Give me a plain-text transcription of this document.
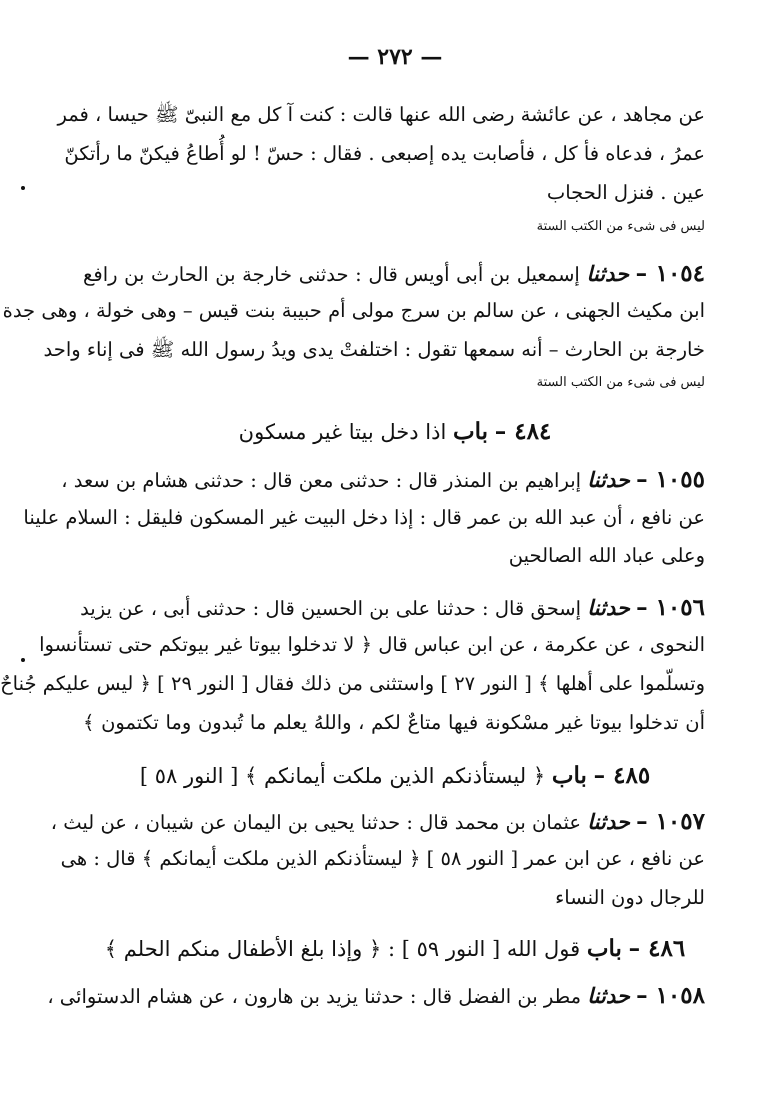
— ٢٧٢ —
عن مجاهد ، عن عائشة رضى الله عنها قالت : كنت آ كل مع النبىّ ﷺ حيسا ، فمر
عمرُ ، فدعاه فأ كل ، فأصابت يده إصبعى . فقال : حسّ ! لو أُطاعُ فيكنّ ما رأتكنّ
عين . فنزل الحجاب
ليس فى شىء من الكتب الستة
١٠٥٤ – حدثنا إسمعيل بن أبى أويس قال : حدثنى خارجة بن الحارث بن رافع
ابن مكيث الجهنى ، عن سالم بن سرج مولى أم حبيبة بنت قيس – وهى خولة ، وهى جدة
خارجة بن الحارث – أنه سمعها تقول : اختلفتْ يدى ويدُ رسول الله ﷺ فى إناء واحد
ليس فى شىء من الكتب الستة
٤٨٤ – باب اذا دخل بيتا غير مسكون
١٠٥٥ – حدثنا إبراهيم بن المنذر قال : حدثنى معن قال : حدثنى هشام بن سعد ،
عن نافع ، أن عبد الله بن عمر قال : إذا دخل البيت غير المسكون فليقل : السلام علينا
وعلى عباد الله الصالحين
١٠٥٦ – حدثنا إسحق قال : حدثنا على بن الحسين قال : حدثنى أبى ، عن يزيد
النحوى ، عن عكرمة ، عن ابن عباس قال ﴿ لا تدخلوا بيوتا غير بيوتكم حتى تستأنسوا
وتسلّموا على أهلها ﴾ [ النور ٢٧ ] واستثنى من ذلك فقال [ النور ٢٩ ] ﴿ ليس عليكم جُناحٌ
أن تدخلوا بيوتا غير مسْكونة فيها متاعٌ لكم ، واللهُ يعلم ما تُبدون وما تكتمون ﴾
٤٨٥ – باب ﴿ ليستأذنكم الذين ملكت أيمانكم ﴾ [ النور ٥٨ ]
١٠٥٧ – حدثنا عثمان بن محمد قال : حدثنا يحيى بن اليمان عن شيبان ، عن ليث ،
عن نافع ، عن ابن عمر [ النور ٥٨ ] ﴿ ليستأذنكم الذين ملكت أيمانكم ﴾ قال : هى
للرجال دون النساء
٤٨٦ – باب قول الله [ النور ٥٩ ] : ﴿ وإذا بلغ الأطفال منكم الحلم ﴾
١٠٥٨ – حدثنا مطر بن الفضل قال : حدثنا يزيد بن هارون ، عن هشام الدستوائى ،
